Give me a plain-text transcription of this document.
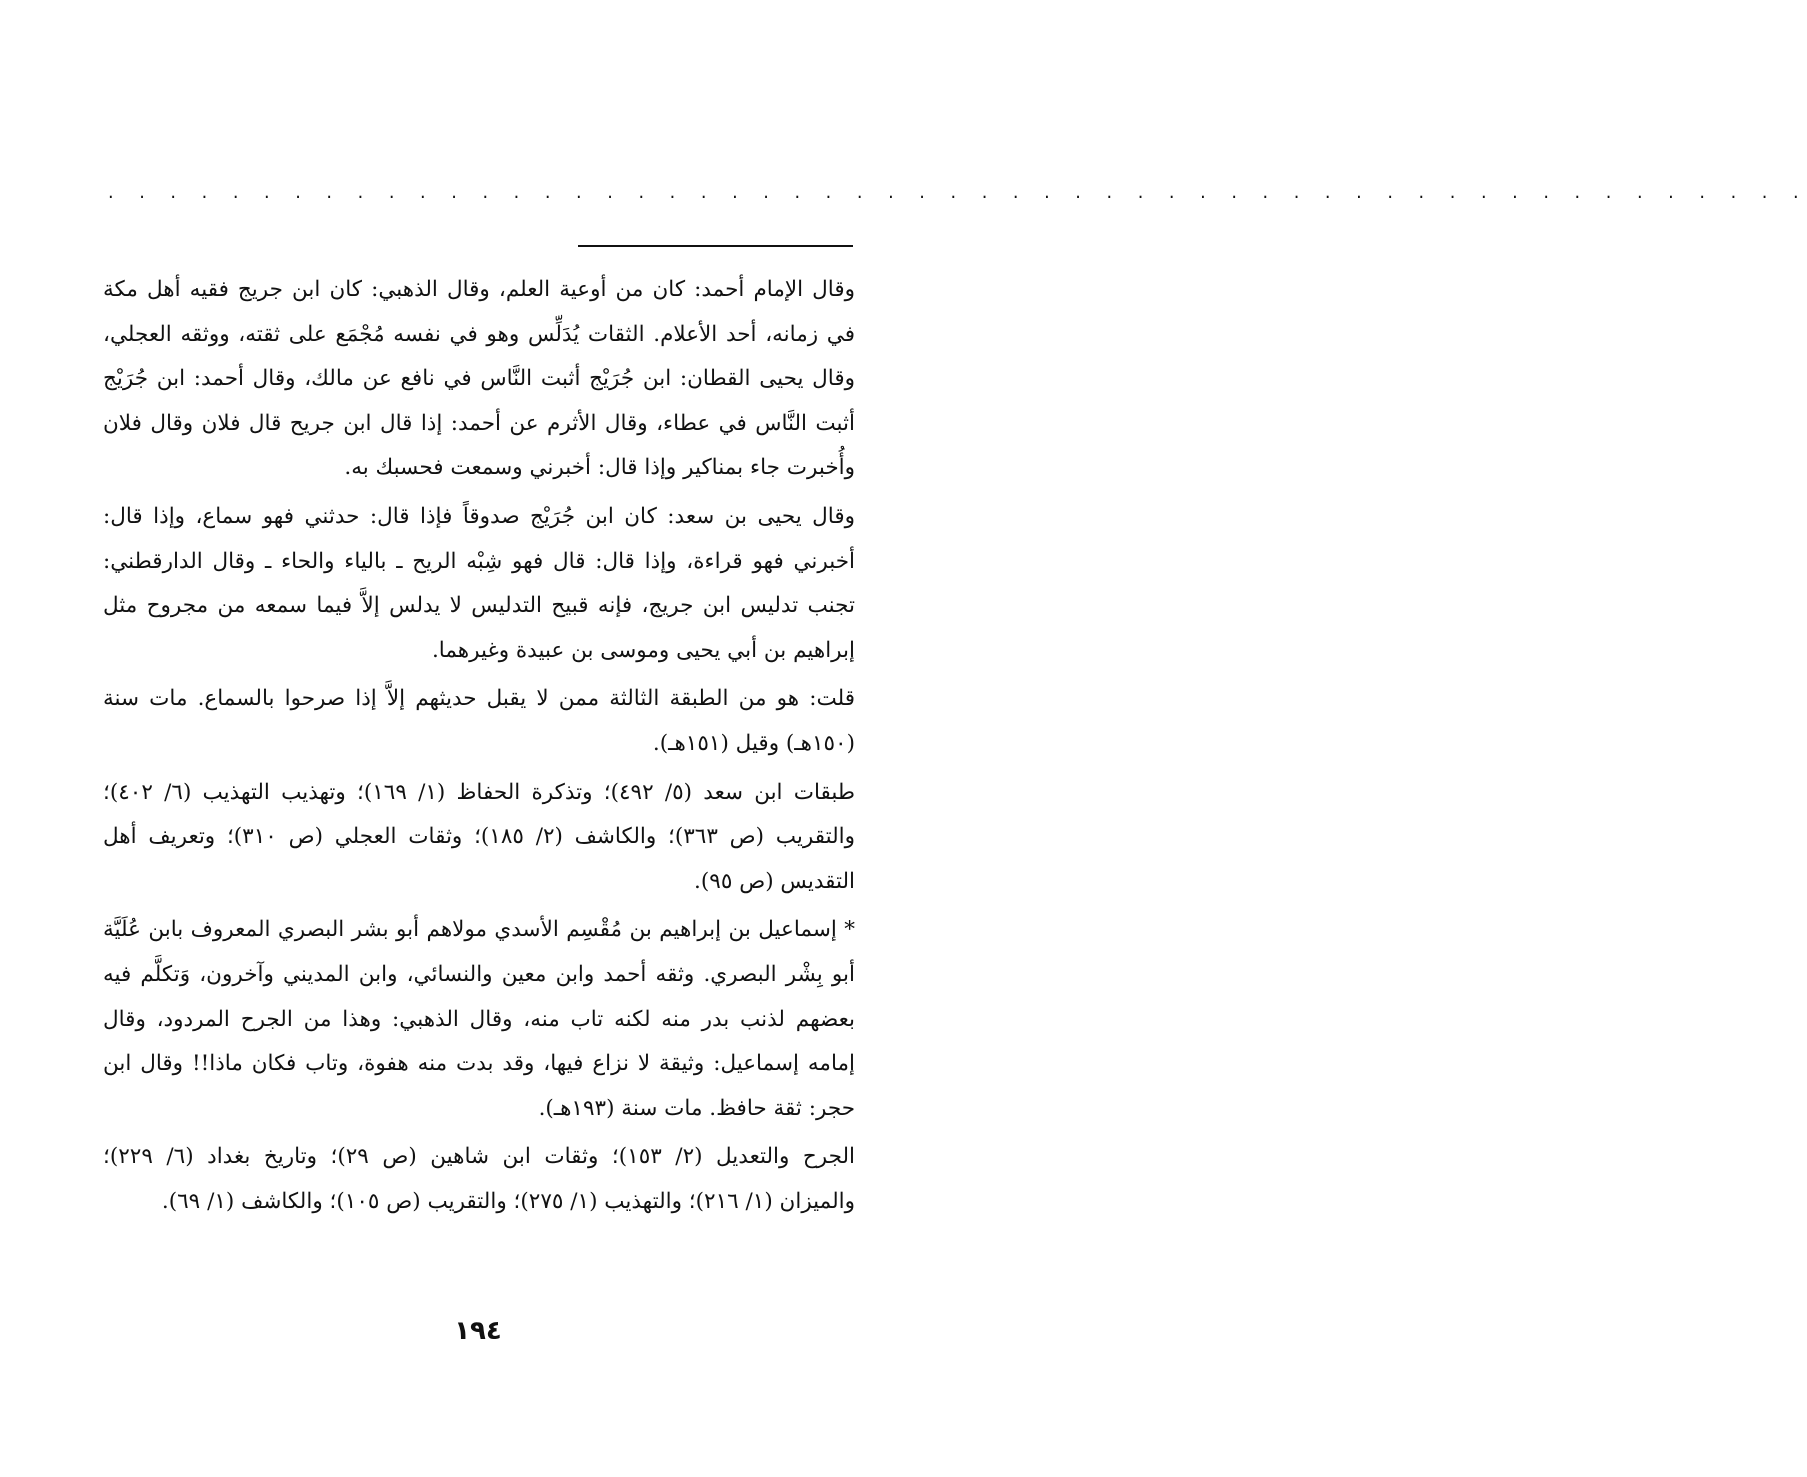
. . . . . . . . . . . . . . . . . . . . . . . . . . . . . . . . . . . . . . . . . . . . . . . . . . . . . . .

وقال الإمام أحمد: كان من أوعية العلم، وقال الذهبي: كان ابن جريج فقيه أهل مكة في زمانه، أحد الأعلام. الثقات يُدَلِّس وهو في نفسه مُجْمَع على ثقته، ووثقه العجلي، وقال يحيى القطان: ابن جُرَيْج أثبت النَّاس في نافع عن مالك، وقال أحمد: ابن جُرَيْج أثبت النَّاس في عطاء، وقال الأثرم عن أحمد: إذا قال ابن جريح قال فلان وقال فلان وأُخبرت جاء بمناكير وإذا قال: أخبرني وسمعت فحسبك به.

وقال يحيى بن سعد: كان ابن جُرَيْج صدوقاً فإذا قال: حدثني فهو سماع، وإذا قال: أخبرني فهو قراءة، وإذا قال: قال فهو شِبْه الريح ـ بالياء والحاء ـ وقال الدارقطني: تجنب تدليس ابن جريج، فإنه قبيح التدليس لا يدلس إلاَّ فيما سمعه من مجروح مثل إبراهيم بن أبي يحيى وموسى بن عبيدة وغيرهما.

قلت: هو من الطبقة الثالثة ممن لا يقبل حديثهم إلاَّ إذا صرحوا بالسماع. مات سنة (١٥٠هـ) وقيل (١٥١هـ).

طبقات ابن سعد (٥/ ٤٩٢)؛ وتذكرة الحفاظ (١/ ١٦٩)؛ وتهذيب التهذيب (٦/ ٤٠٢)؛ والتقريب (ص ٣٦٣)؛ والكاشف (٢/ ١٨٥)؛ وثقات العجلي (ص ٣١٠)؛ وتعريف أهل التقديس (ص ٩٥).

* إسماعيل بن إبراهيم بن مُقْسِم الأسدي مولاهم أبو بشر البصري المعروف بابن عُلَيَّة أبو بِشْر البصري. وثقه أحمد وابن معين والنسائي، وابن المديني وآخرون، وَتكلَّم فيه بعضهم لذنب بدر منه لكنه تاب منه، وقال الذهبي: وهذا من الجرح المردود، وقال إمامه إسماعيل: وثيقة لا نزاع فيها، وقد بدت منه هفوة، وتاب فكان ماذا!! وقال ابن حجر: ثقة حافظ. مات سنة (١٩٣هـ).

الجرح والتعديل (٢/ ١٥٣)؛ وثقات ابن شاهين (ص ٢٩)؛ وتاريخ بغداد (٦/ ٢٢٩)؛ والميزان (١/ ٢١٦)؛ والتهذيب (١/ ٢٧٥)؛ والتقريب (ص ١٠٥)؛ والكاشف (١/ ٦٩).

١٩٤
